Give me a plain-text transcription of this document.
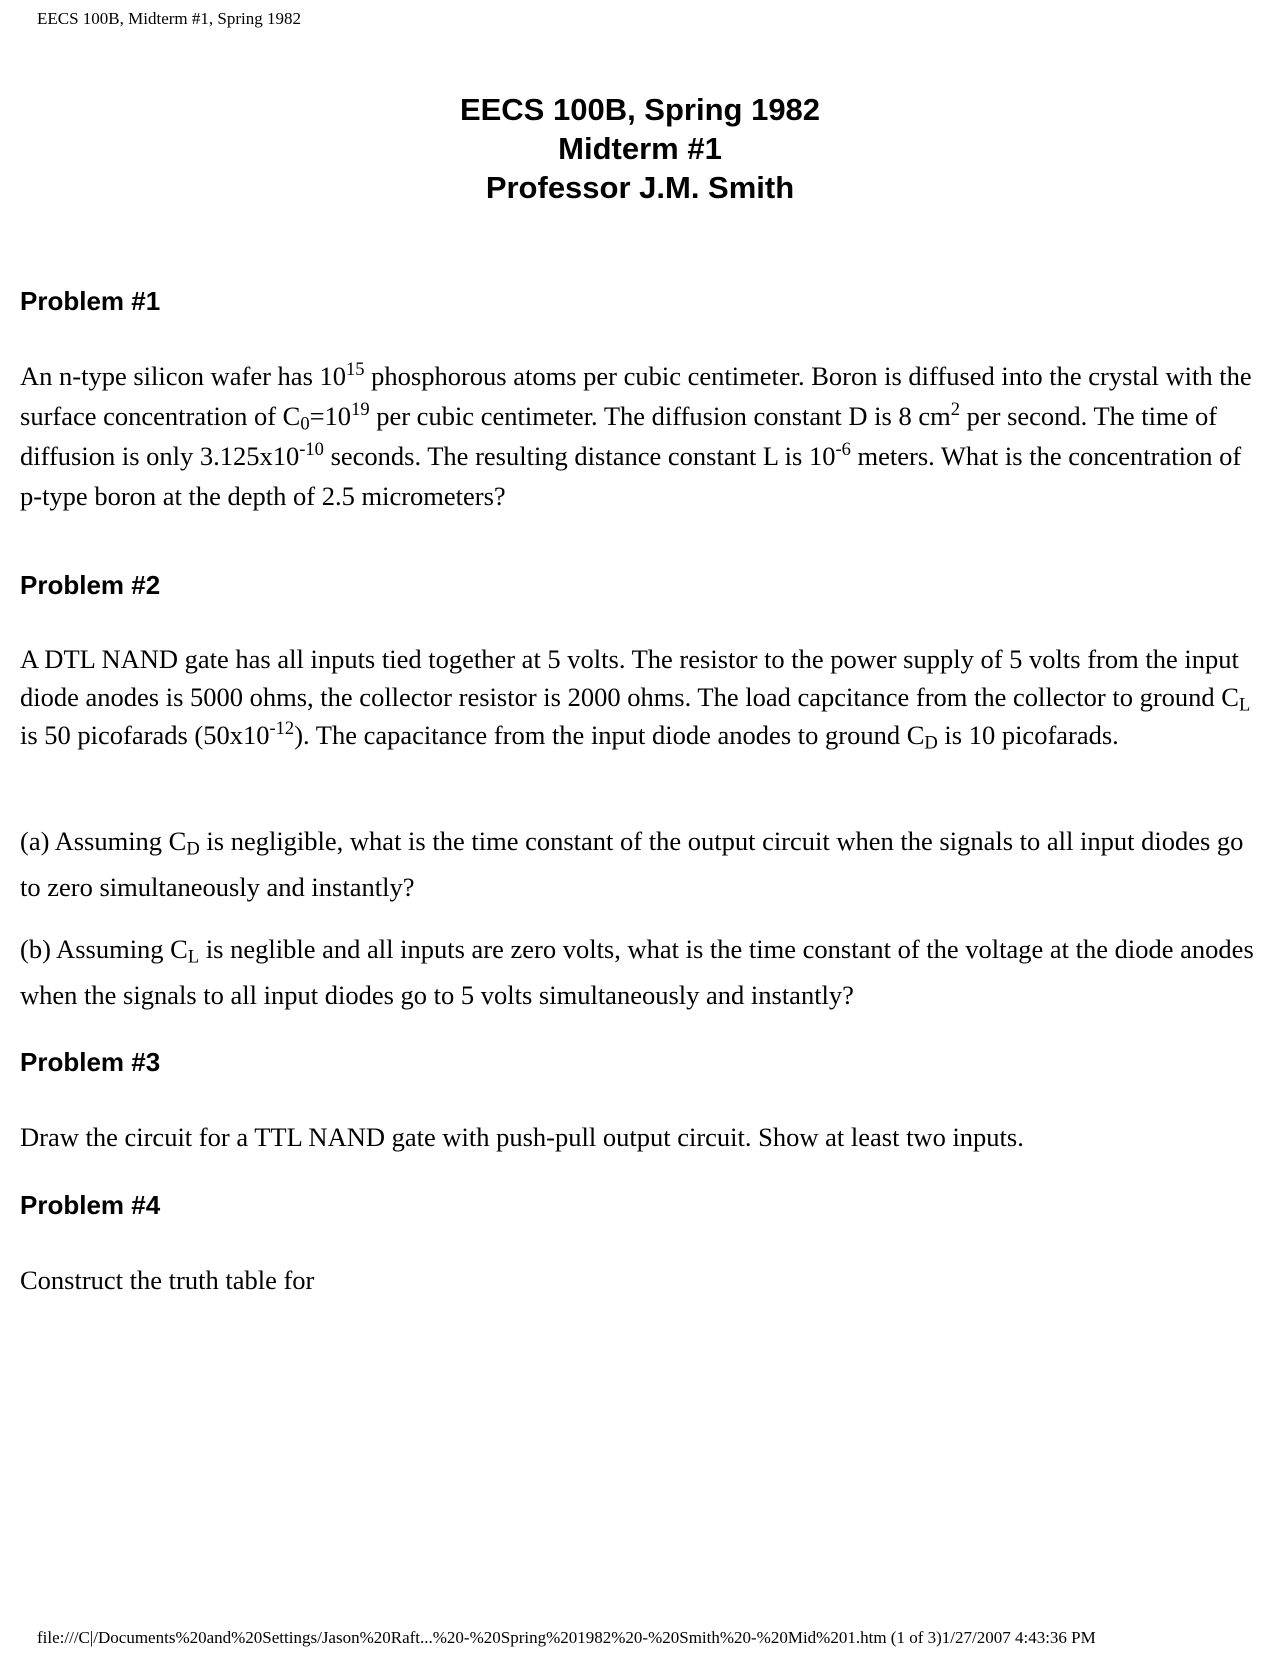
EECS 100B, Midterm #1, Spring 1982
EECS 100B, Spring 1982
Midterm #1
Professor J.M. Smith
Problem #1

An n-type silicon wafer has $10^{15}$ phosphorous atoms per cubic centimeter. Boron is diffused into the crystal with the surface concentration of $C_0=10^{19}$ per cubic centimeter. The diffusion constant D is 8 $cm^2$ per second. The time of diffusion is only $3.125x10^{-10}$ seconds. The resulting distance constant L is $10^{-6}$ meters. What is the concentration of p-type boron at the depth of 2.5 micrometers?

Problem #2

A DTL NAND gate has all inputs tied together at 5 volts. The resistor to the power supply of 5 volts from the input diode anodes is 5000 ohms, the collector resistor is 2000 ohms. The load capcitance from the collector to ground $C_L$ is 50 picofarads $(50x10^{-12})$. The capacitance from the input diode anodes to ground $C_D$ is 10 picofarads.

(a) Assuming $C_D$ is negligible, what is the time constant of the output circuit when the signals to all input diodes go to zero simultaneously and instantly?

(b) Assuming $C_L$ is neglible and all inputs are zero volts, what is the time constant of the voltage at the diode anodes when the signals to all input diodes go to 5 volts simultaneously and instantly?

Problem #3

Draw the circuit for a TTL NAND gate with push-pull output circuit. Show at least two inputs.

Problem #4

Construct the truth table for

file:///C|/Documents%20and%20Settings/Jason%20Raft...%20-%20Spring%201982%20-%20Smith%20-%20Mid%201.htm (1 of 3)1/27/2007 4:43:36 PM
